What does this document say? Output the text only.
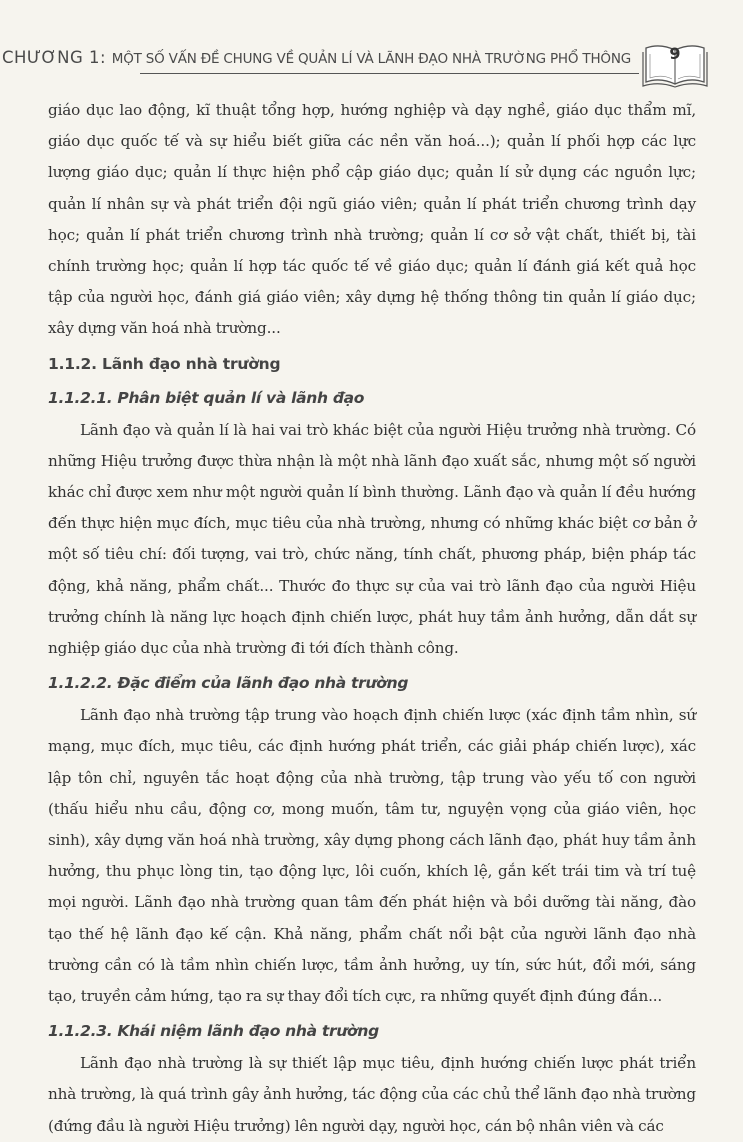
CHƯƠNG 1: MỘT SỐ VẤN ĐỀ CHUNG VỀ QUẢN LÍ VÀ LÃNH ĐẠO NHÀ TRƯỜNG PHỔ THÔNG	9

giáo dục lao động, kĩ thuật tổng hợp, hướng nghiệp và dạy nghề, giáo dục thẩm mĩ, giáo dục quốc tế và sự hiểu biết giữa các nền văn hoá...); quản lí phối hợp các lực lượng giáo dục; quản lí thực hiện phổ cập giáo dục; quản lí sử dụng các nguồn lực; quản lí nhân sự và phát triển đội ngũ giáo viên; quản lí phát triển chương trình dạy học; quản lí phát triển chương trình nhà trường; quản lí cơ sở vật chất, thiết bị, tài chính trường học; quản lí hợp tác quốc tế về giáo dục; quản lí đánh giá kết quả học tập của người học, đánh giá giáo viên; xây dựng hệ thống thông tin quản lí giáo dục; xây dựng văn hoá nhà trường...

1.1.2. Lãnh đạo nhà trường
1.1.2.1. Phân biệt quản lí và lãnh đạo

Lãnh đạo và quản lí là hai vai trò khác biệt của người Hiệu trưởng nhà trường. Có những Hiệu trưởng được thừa nhận là một nhà lãnh đạo xuất sắc, nhưng một số người khác chỉ được xem như một người quản lí bình thường. Lãnh đạo và quản lí đều hướng đến thực hiện mục đích, mục tiêu của nhà trường, nhưng có những khác biệt cơ bản ở một số tiêu chí: đối tượng, vai trò, chức năng, tính chất, phương pháp, biện pháp tác động, khả năng, phẩm chất... Thước đo thực sự của vai trò lãnh đạo của người Hiệu trưởng chính là năng lực hoạch định chiến lược, phát huy tầm ảnh hưởng, dẫn dắt sự nghiệp giáo dục của nhà trường đi tới đích thành công.

1.1.2.2. Đặc điểm của lãnh đạo nhà trường

Lãnh đạo nhà trường tập trung vào hoạch định chiến lược (xác định tầm nhìn, sứ mạng, mục đích, mục tiêu, các định hướng phát triển, các giải pháp chiến lược), xác lập tôn chỉ, nguyên tắc hoạt động của nhà trường, tập trung vào yếu tố con người (thấu hiểu nhu cầu, động cơ, mong muốn, tâm tư, nguyện vọng của giáo viên, học sinh), xây dựng văn hoá nhà trường, xây dựng phong cách lãnh đạo, phát huy tầm ảnh hưởng, thu phục lòng tin, tạo động lực, lôi cuốn, khích lệ, gắn kết trái tim và trí tuệ mọi người. Lãnh đạo nhà trường quan tâm đến phát hiện và bồi dưỡng tài năng, đào tạo thế hệ lãnh đạo kế cận. Khả năng, phẩm chất nổi bật của người lãnh đạo nhà trường cần có là tầm nhìn chiến lược, tầm ảnh hưởng, uy tín, sức hút, đổi mới, sáng tạo, truyền cảm hứng, tạo ra sự thay đổi tích cực, ra những quyết định đúng đắn...

1.1.2.3. Khái niệm lãnh đạo nhà trường

Lãnh đạo nhà trường là sự thiết lập mục tiêu, định hướng chiến lược phát triển nhà trường, là quá trình gây ảnh hưởng, tác động của các chủ thể lãnh đạo nhà trường (đứng đầu là người Hiệu trưởng) lên người dạy, người học, cán bộ nhân viên và các
